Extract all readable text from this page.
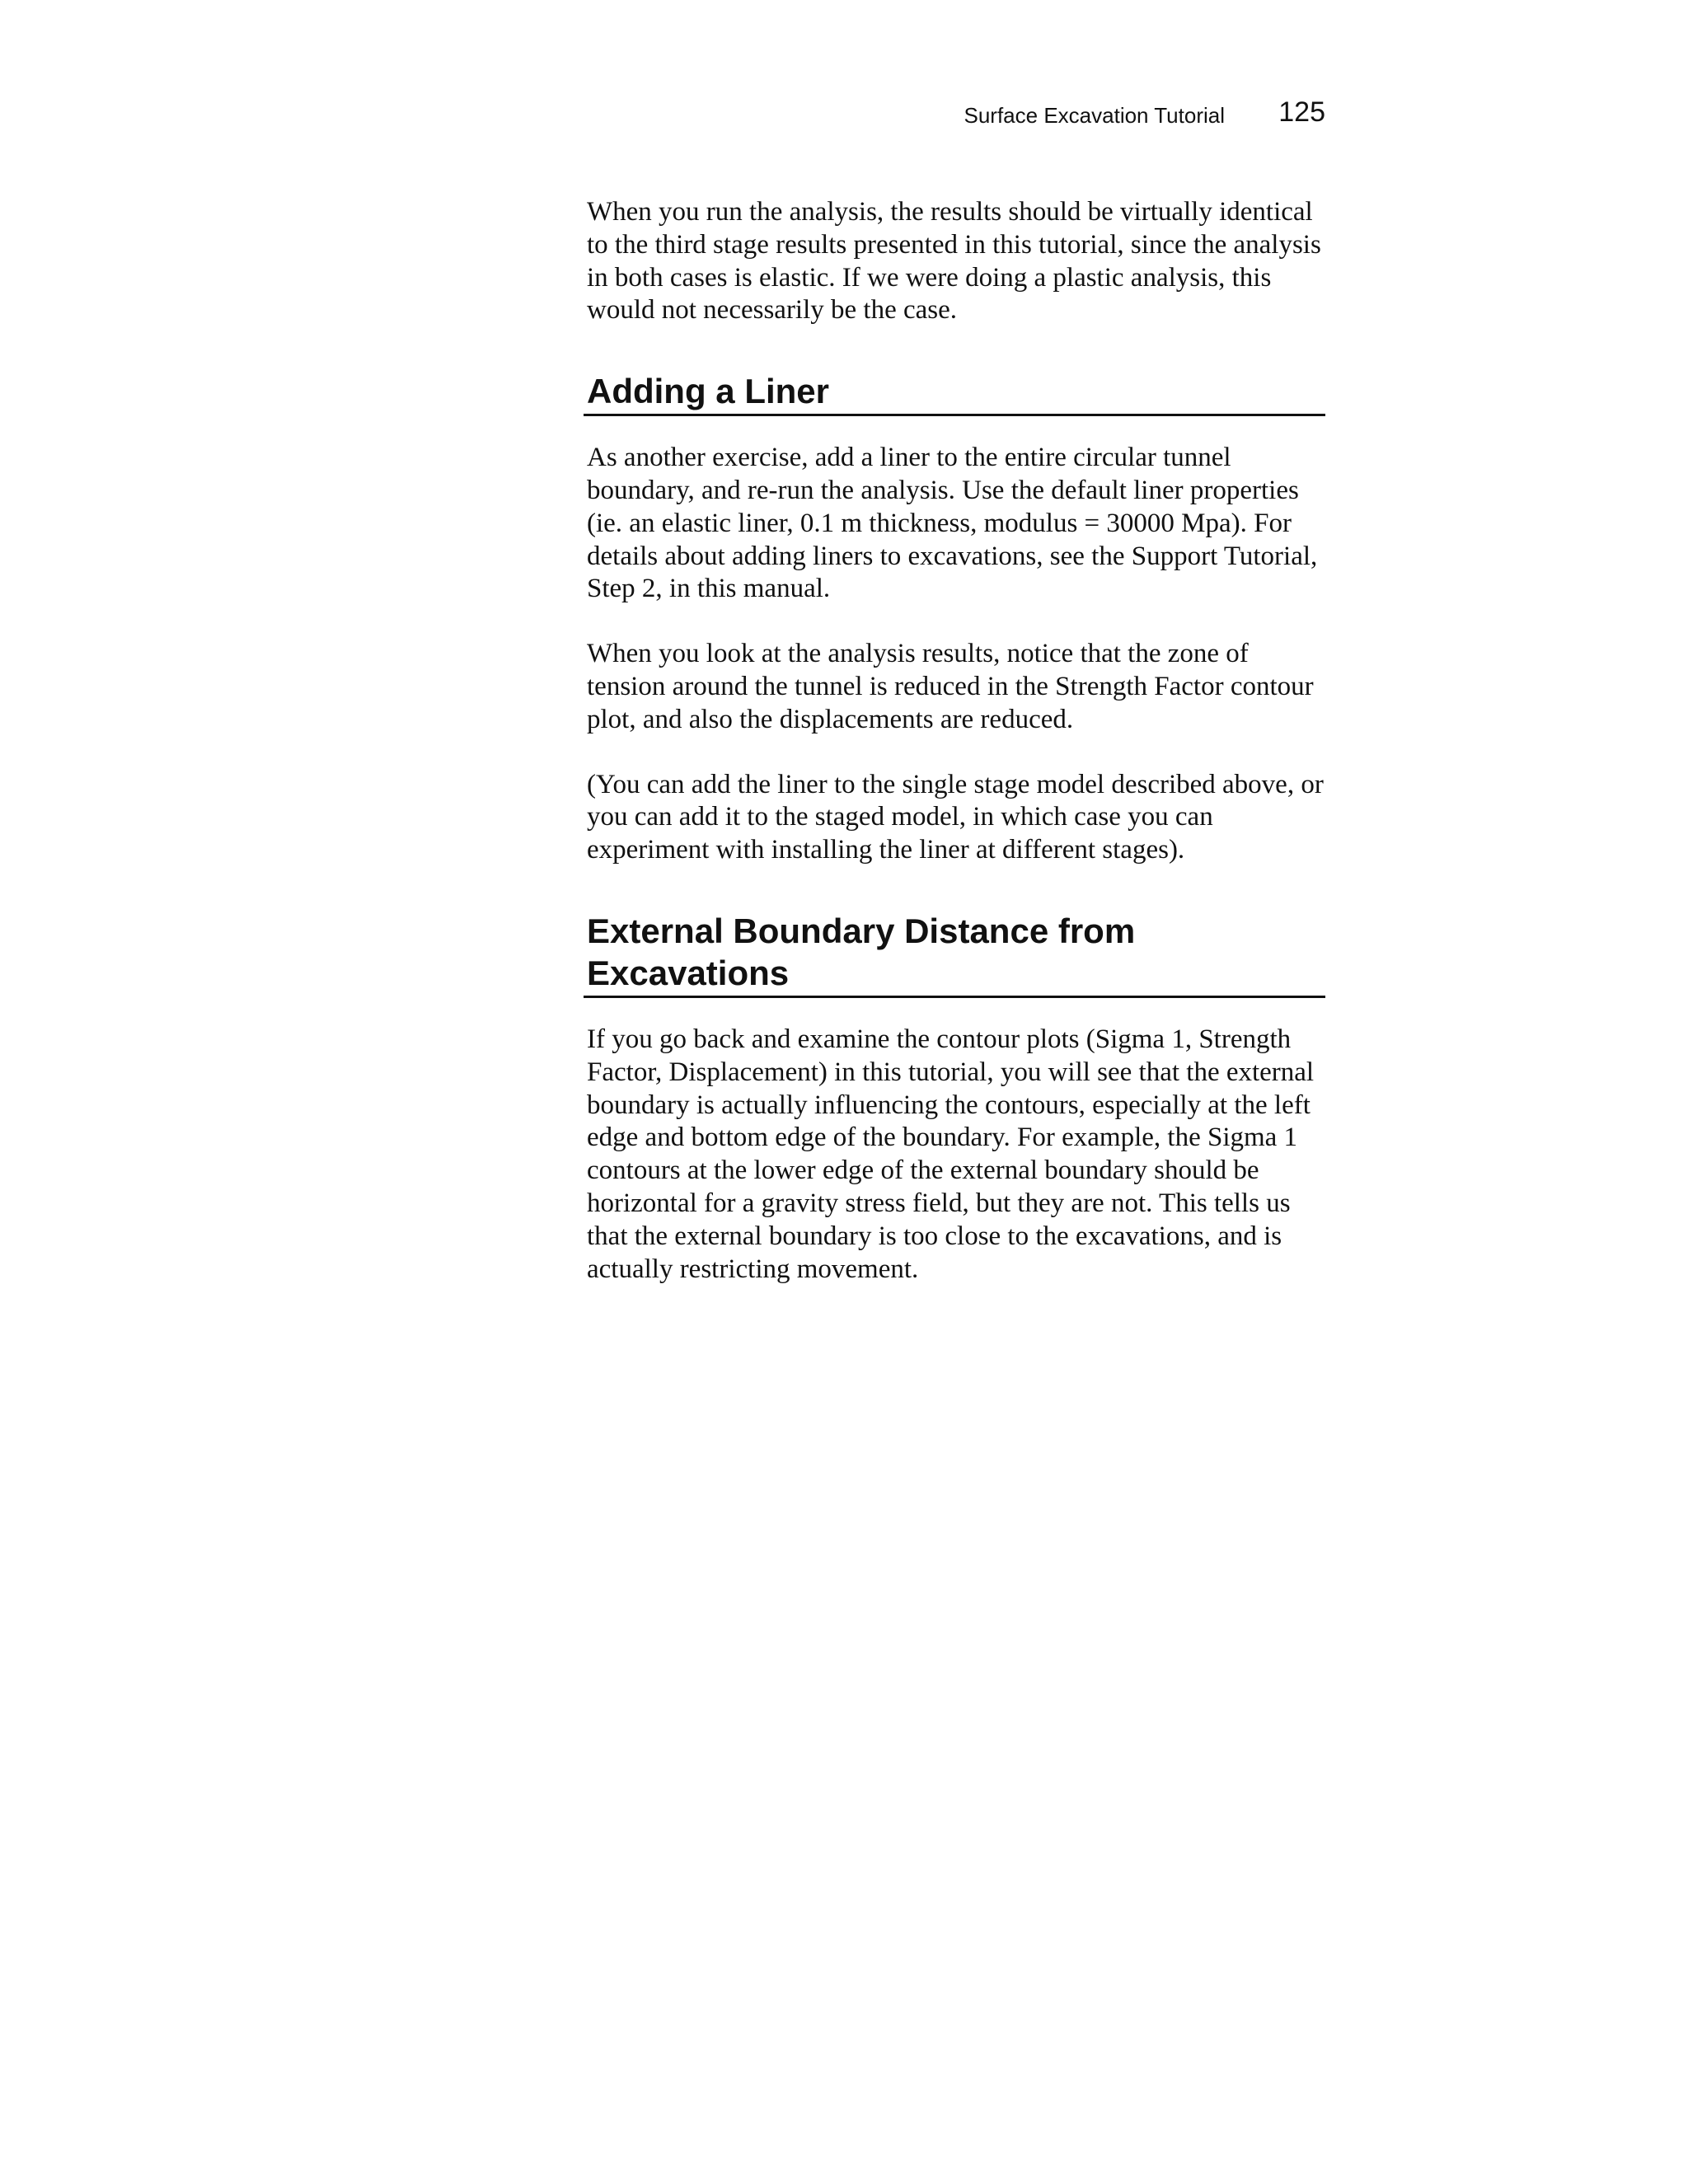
Surface Excavation Tutorial 125

When you run the analysis, the results should be virtually identical to the third stage results presented in this tutorial, since the analysis in both cases is elastic. If we were doing a plastic analysis, this would not necessarily be the case.

Adding a Liner

As another exercise, add a liner to the entire circular tunnel boundary, and re-run the analysis. Use the default liner properties (ie. an elastic liner, 0.1 m thickness, modulus = 30000 Mpa). For details about adding liners to excavations, see the Support Tutorial, Step 2, in this manual.

When you look at the analysis results, notice that the zone of tension around the tunnel is reduced in the Strength Factor contour plot, and also the displacements are reduced.

(You can add the liner to the single stage model described above, or you can add it to the staged model, in which case you can experiment with installing the liner at different stages).

External Boundary Distance from Excavations

If you go back and examine the contour plots (Sigma 1, Strength Factor, Displacement) in this tutorial, you will see that the external boundary is actually influencing the contours, especially at the left edge and bottom edge of the boundary. For example, the Sigma 1 contours at the lower edge of the external boundary should be horizontal for a gravity stress field, but they are not. This tells us that the external boundary is too close to the excavations, and is actually restricting movement.
